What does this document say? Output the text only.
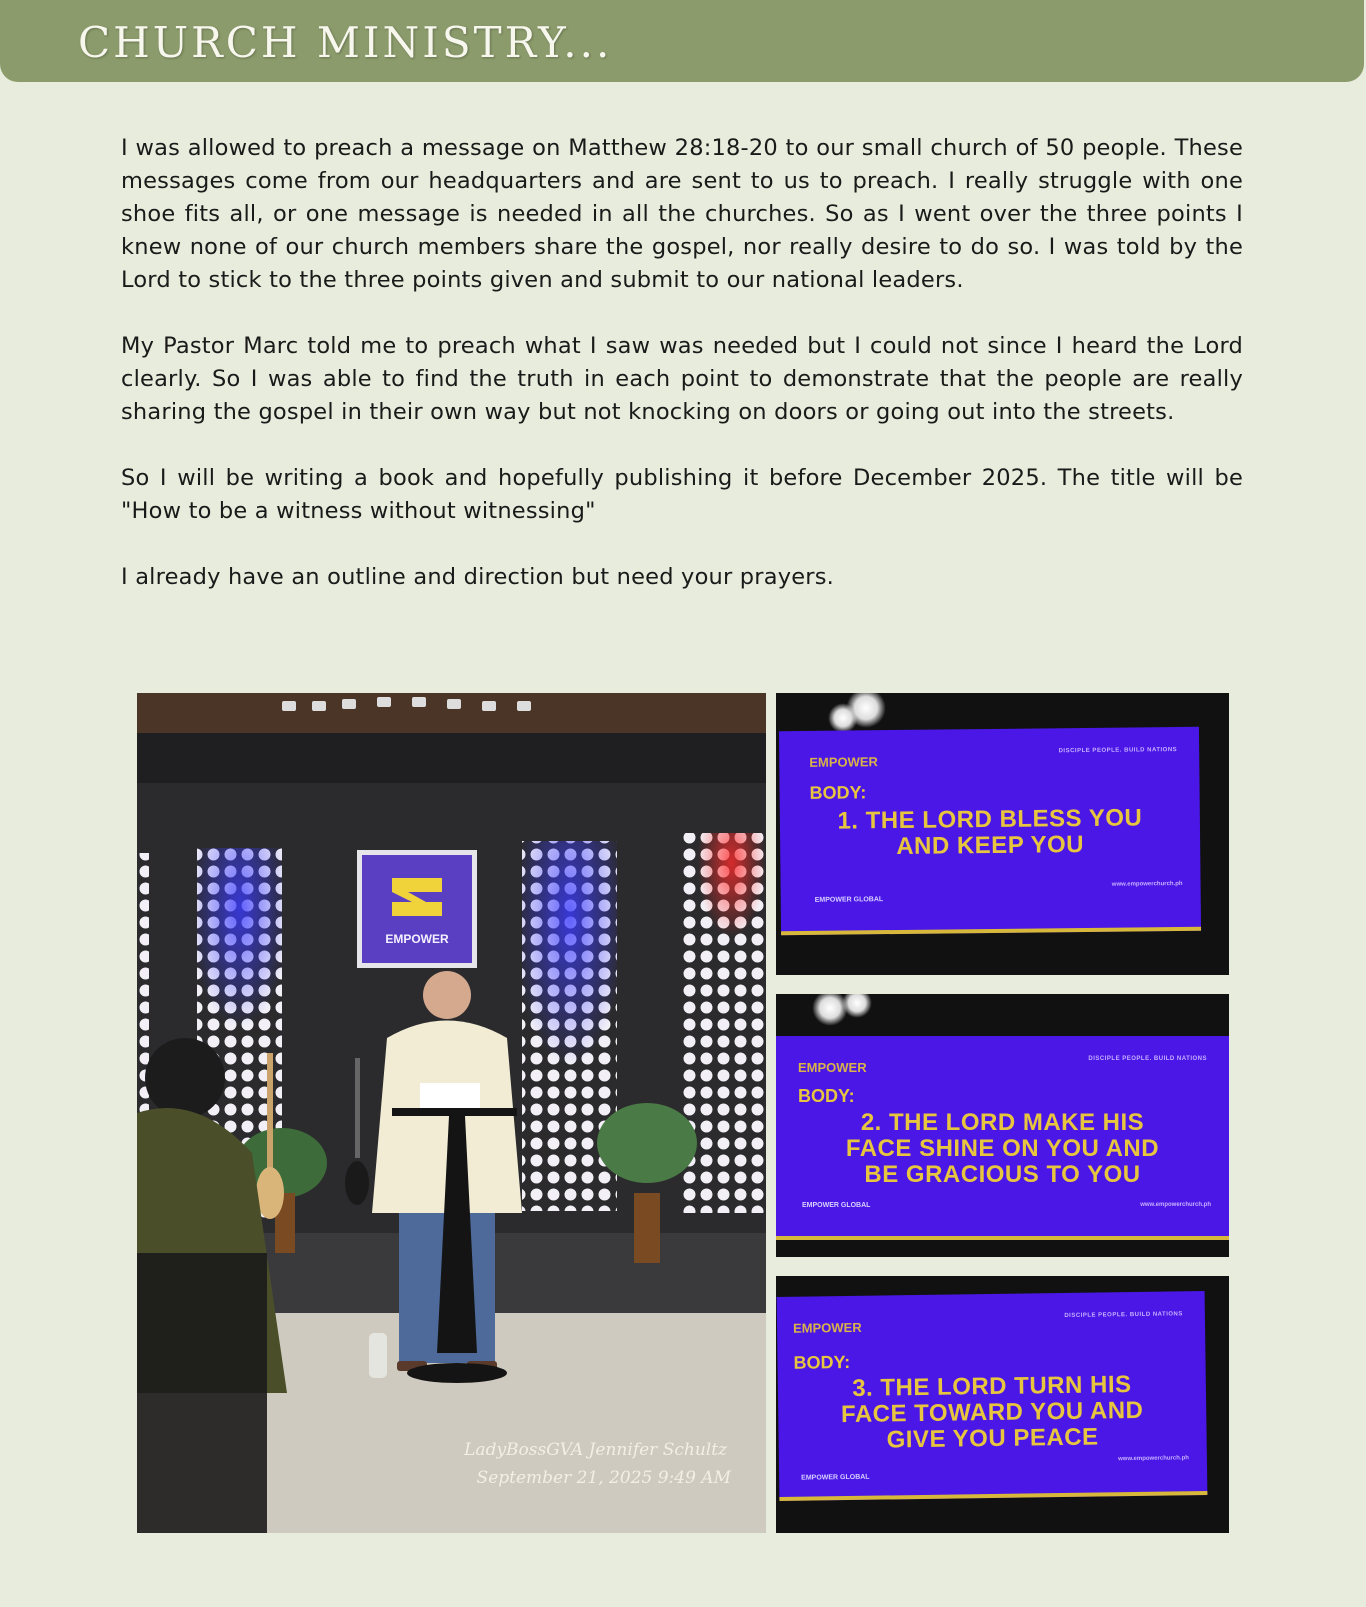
CHURCH MINISTRY...

I was allowed to preach a message on Matthew 28:18-20 to our small church of 50 people. These messages come from our headquarters and are sent to us to preach. I really struggle with one shoe fits all, or one message is needed in all the churches. So as I went over the three points I knew none of our church members share the gospel, nor really desire to do so. I was told by the Lord to stick to the three points given and submit to our national leaders.

My Pastor Marc told me to preach what I saw was needed but I could not since I heard the Lord clearly. So I was able to find the truth in each point to demonstrate that the people are really sharing the gospel in their own way but not knocking on doors or going out into the streets.

So I will be writing a book and hopefully publishing it before December 2025. The title will be "How to be a witness without witnessing"

I already have an outline and direction but need your prayers.

EMPOWER
LadyBossGVA Jennifer Schultz
September 21, 2025 9:49 AM
EMPOWER
DISCIPLE PEOPLE. BUILD NATIONS
BODY:
1. THE LORD BLESS YOU
AND KEEP YOU
EMPOWER GLOBAL
www.empowerchurch.ph
EMPOWER
DISCIPLE PEOPLE. BUILD NATIONS
BODY:
2. THE LORD MAKE HIS
FACE SHINE ON YOU AND
BE GRACIOUS TO YOU
EMPOWER GLOBAL	www.empowerchurch.ph
EMPOWER
DISCIPLE PEOPLE. BUILD NATIONS
BODY:
3. THE LORD TURN HIS
FACE TOWARD YOU AND
GIVE YOU PEACE
EMPOWER GLOBAL
www.empowerchurch.ph
